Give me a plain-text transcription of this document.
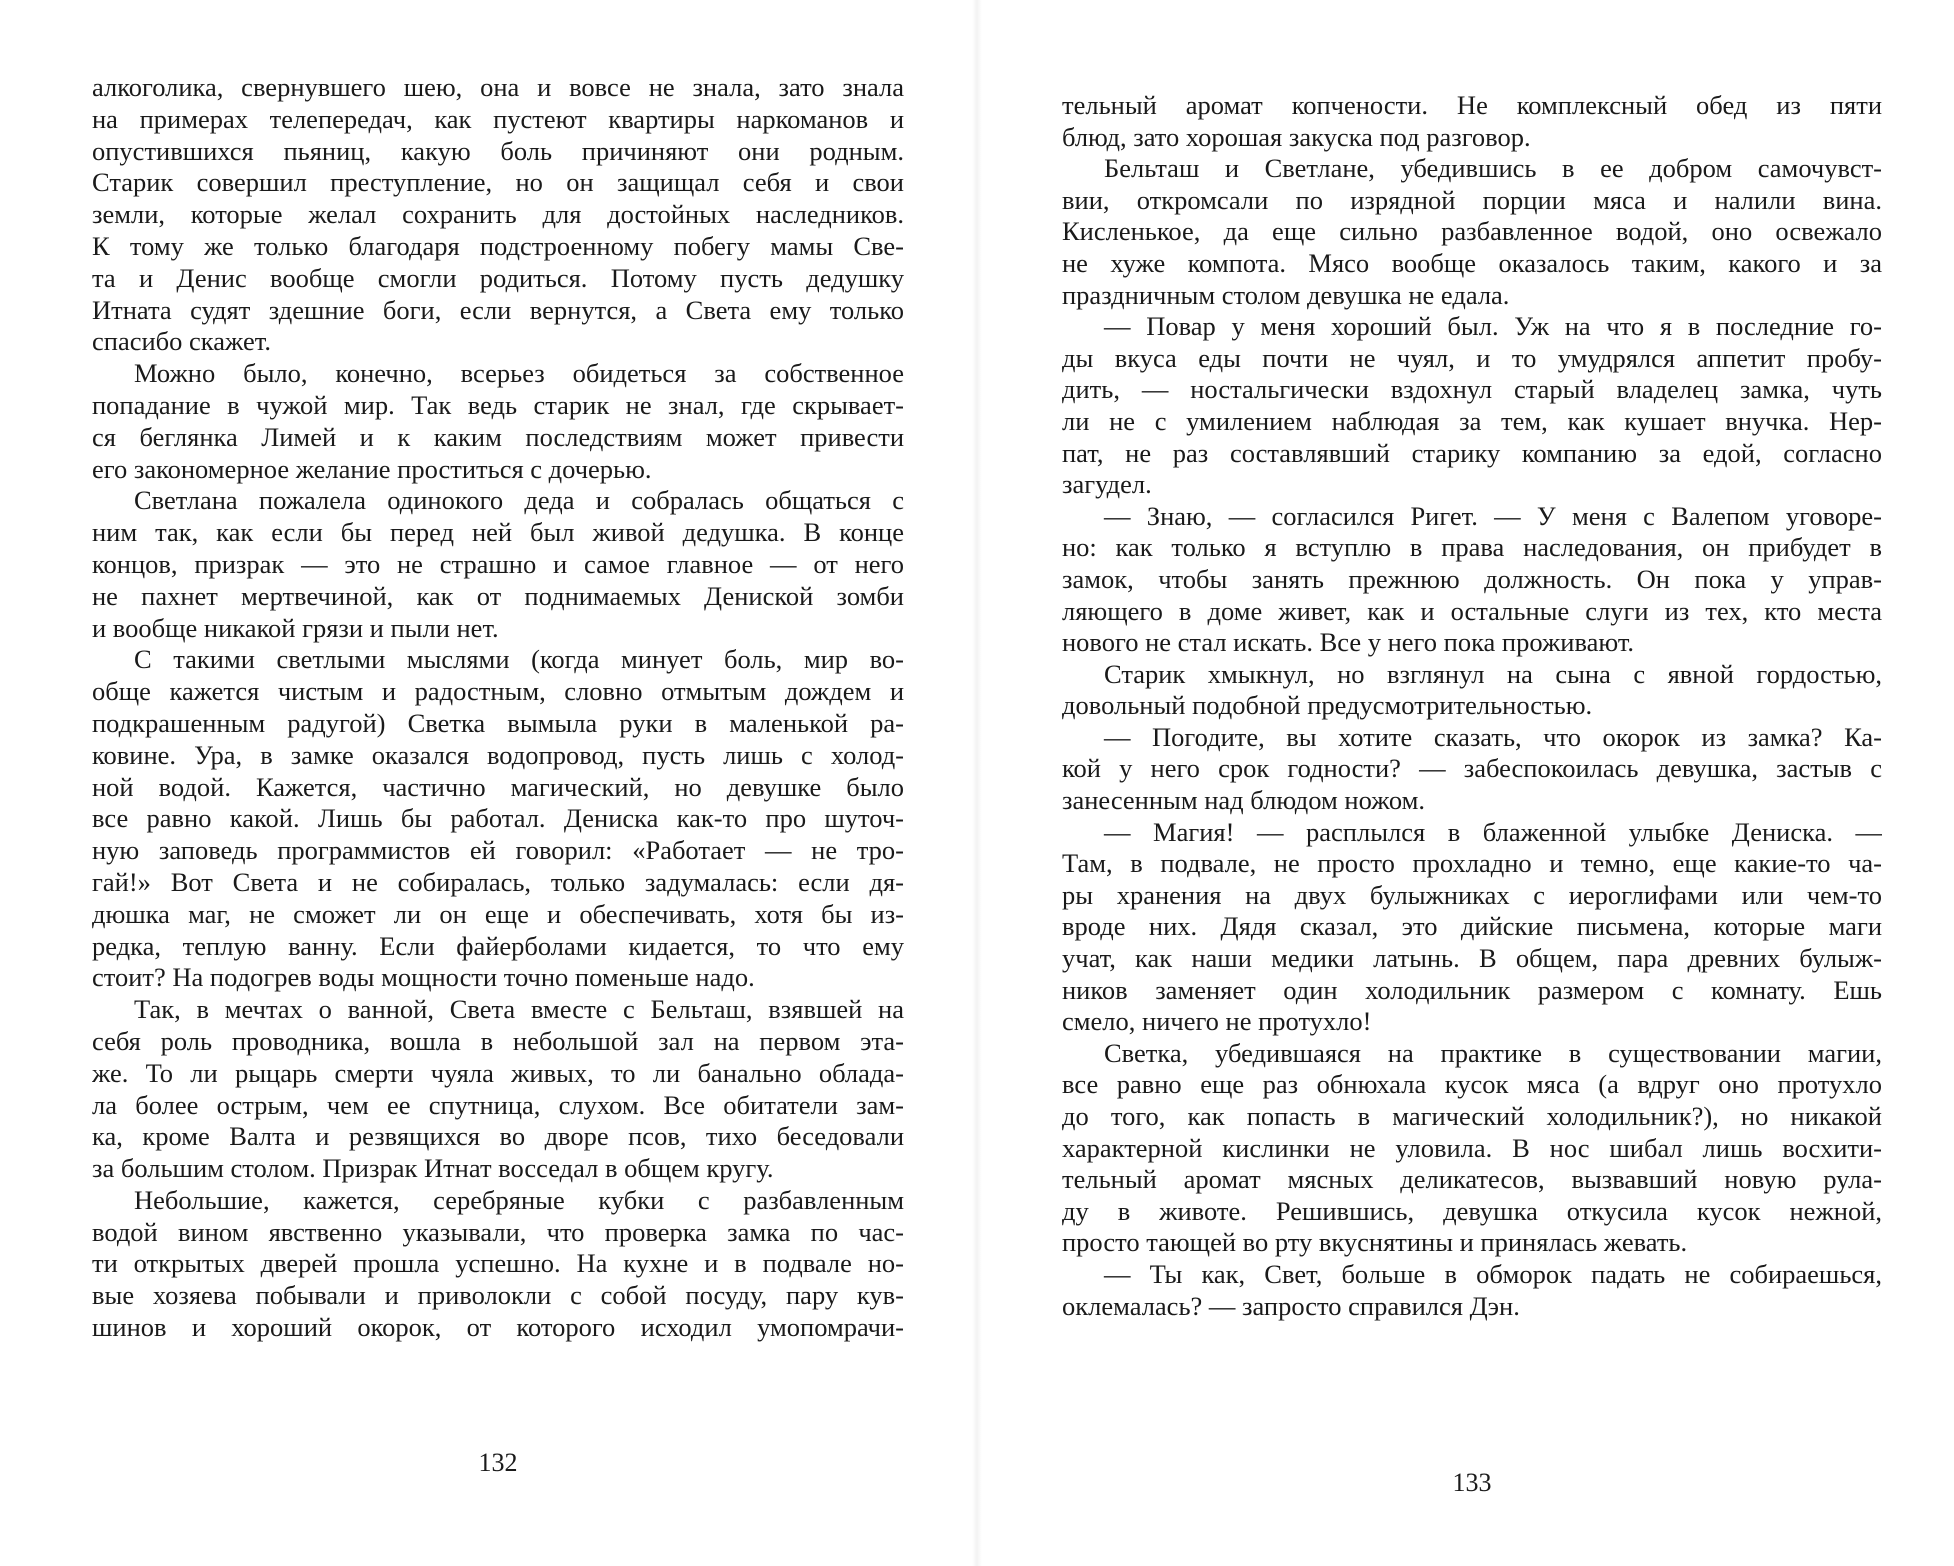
алкоголика, свернувшего шею, она и вовсе не знала, зато знала
на примерах телепередач, как пустеют квартиры наркоманов и
опустившихся пьяниц, какую боль причиняют они родным.
Старик совершил преступление, но он защищал себя и свои
земли, которые желал сохранить для достойных наследников.
К тому же только благодаря подстроенному побегу мамы Све-
та и Денис вообще смогли родиться. Потому пусть дедушку
Итната судят здешние боги, если вернутся, а Света ему только
спасибо скажет.
Можно было, конечно, всерьез обидеться за собственное
попадание в чужой мир. Так ведь старик не знал, где скрывает-
ся беглянка Лимей и к каким последствиям может привести
его закономерное желание проститься с дочерью.
Светлана пожалела одинокого деда и собралась общаться с
ним так, как если бы перед ней был живой дедушка. В конце
концов, призрак — это не страшно и самое главное — от него
не пахнет мертвечиной, как от поднимаемых Дениской зомби
и вообще никакой грязи и пыли нет.
С такими светлыми мыслями (когда минует боль, мир во-
обще кажется чистым и радостным, словно отмытым дождем и
подкрашенным радугой) Светка вымыла руки в маленькой ра-
ковине. Ура, в замке оказался водопровод, пусть лишь с холод-
ной водой. Кажется, частично магический, но девушке было
все равно какой. Лишь бы работал. Дениска как-то про шуточ-
ную заповедь программистов ей говорил: «Работает — не тро-
гай!» Вот Света и не собиралась, только задумалась: если дя-
дюшка маг, не сможет ли он еще и обеспечивать, хотя бы из-
редка, теплую ванну. Если файерболами кидается, то что ему
стоит? На подогрев воды мощности точно поменьше надо.
Так, в мечтах о ванной, Света вместе с Бельташ, взявшей на
себя роль проводника, вошла в небольшой зал на первом эта-
же. То ли рыцарь смерти чуяла живых, то ли банально облада-
ла более острым, чем ее спутница, слухом. Все обитатели зам-
ка, кроме Валта и резвящихся во дворе псов, тихо беседовали
за большим столом. Призрак Итнат восседал в общем кругу.
Небольшие, кажется, серебряные кубки с разбавленным
водой вином явственно указывали, что проверка замка по час-
ти открытых дверей прошла успешно. На кухне и в подвале но-
вые хозяева побывали и приволокли с собой посуду, пару кув-
шинов и хороший окорок, от которого исходил умопомрачи-
132
тельный аромат копчености. Не комплексный обед из пяти
блюд, зато хорошая закуска под разговор.
Бельташ и Светлане, убедившись в ее добром самочувст-
вии, откромсали по изрядной порции мяса и налили вина.
Кисленькое, да еще сильно разбавленное водой, оно освежало
не хуже компота. Мясо вообще оказалось таким, какого и за
праздничным столом девушка не едала.
— Повар у меня хороший был. Уж на что я в последние го-
ды вкуса еды почти не чуял, и то умудрялся аппетит пробу-
дить, — ностальгически вздохнул старый владелец замка, чуть
ли не с умилением наблюдая за тем, как кушает внучка. Нер-
пат, не раз составлявший старику компанию за едой, согласно
загудел.
— Знаю, — согласился Ригет. — У меня с Валепом уговоре-
но: как только я вступлю в права наследования, он прибудет в
замок, чтобы занять прежнюю должность. Он пока у управ-
ляющего в доме живет, как и остальные слуги из тех, кто места
нового не стал искать. Все у него пока проживают.
Старик хмыкнул, но взглянул на сына с явной гордостью,
довольный подобной предусмотрительностью.
— Погодите, вы хотите сказать, что окорок из замка? Ка-
кой у него срок годности? — забеспокоилась девушка, застыв с
занесенным над блюдом ножом.
— Магия! — расплылся в блаженной улыбке Дениска. —
Там, в подвале, не просто прохладно и темно, еще какие-то ча-
ры хранения на двух булыжниках с иероглифами или чем-то
вроде них. Дядя сказал, это дийские письмена, которые маги
учат, как наши медики латынь. В общем, пара древних булыж-
ников заменяет один холодильник размером с комнату. Ешь
смело, ничего не протухло!
Светка, убедившаяся на практике в существовании магии,
все равно еще раз обнюхала кусок мяса (а вдруг оно протухло
до того, как попасть в магический холодильник?), но никакой
характерной кислинки не уловила. В нос шибал лишь восхити-
тельный аромат мясных деликатесов, вызвавший новую рула-
ду в животе. Решившись, девушка откусила кусок нежной,
просто тающей во рту вкуснятины и принялась жевать.
— Ты как, Свет, больше в обморок падать не собираешься,
оклемалась? — запросто справился Дэн.
133
